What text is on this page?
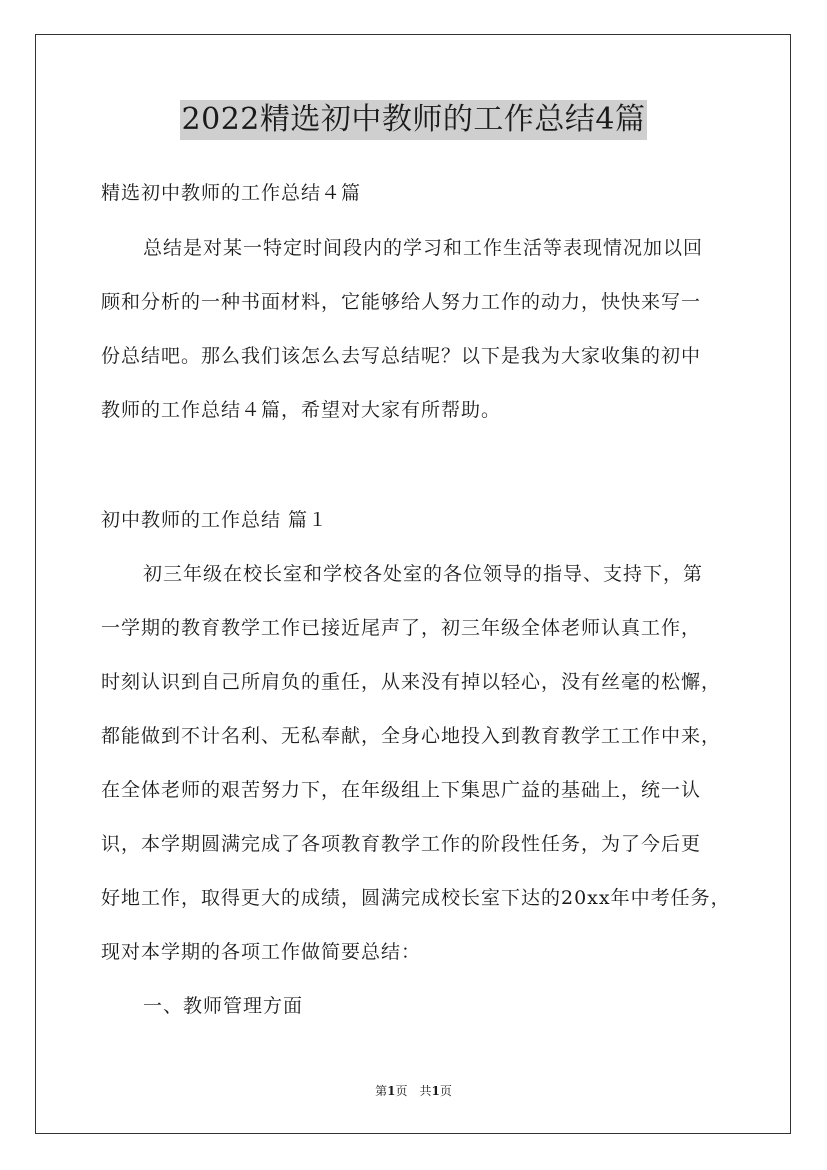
2022精选初中教师的工作总结4篇
精选初中教师的工作总结４篇
总结是对某一特定时间段内的学习和工作生活等表现情况加以回
顾和分析的一种书面材料，它能够给人努力工作的动力，快快来写一
份总结吧。那么我们该怎么去写总结呢？以下是我为大家收集的初中
教师的工作总结４篇，希望对大家有所帮助。
初中教师的工作总结 篇１
初三年级在校长室和学校各处室的各位领导的指导、支持下，第
一学期的教育教学工作已接近尾声了，初三年级全体老师认真工作，
时刻认识到自己所肩负的重任，从来没有掉以轻心，没有丝毫的松懈，
都能做到不计名利、无私奉献，全身心地投入到教育教学工工作中来，
在全体老师的艰苦努力下，在年级组上下集思广益的基础上，统一认
识，本学期圆满完成了各项教育教学工作的阶段性任务，为了今后更
好地工作，取得更大的成绩，圆满完成校长室下达的20xx年中考任务，
现对本学期的各项工作做简要总结：
一、教师管理方面
第1页　共1页
